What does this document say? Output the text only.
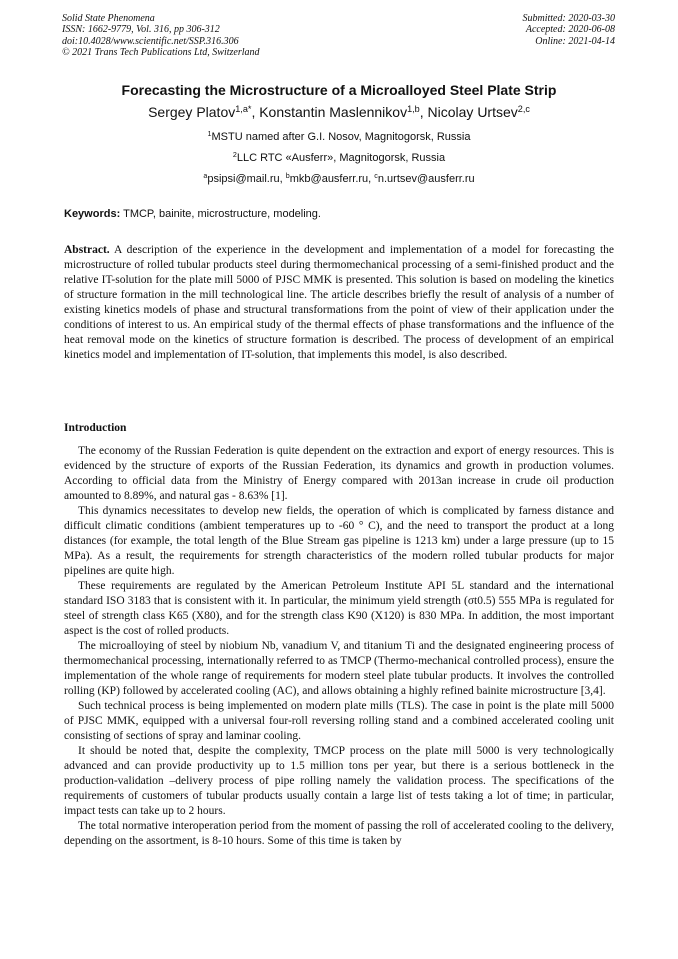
Solid State Phenomena
ISSN: 1662-9779, Vol. 316, pp 306-312
doi:10.4028/www.scientific.net/SSP.316.306
© 2021 Trans Tech Publications Ltd, Switzerland
Submitted: 2020-03-30
Accepted: 2020-06-08
Online: 2021-04-14
Forecasting the Microstructure of a Microalloyed Steel Plate Strip
Sergey Platov$^{1,a*}$, Konstantin Maslennikov$^{1,b}$, Nicolay Urtsev$^{2,c}$
$^1$MSTU named after G.I. Nosov, Magnitogorsk, Russia
$^2$LLC RTC «Ausferr», Magnitogorsk, Russia
$^a$psipsi@mail.ru, $^b$mkb@ausferr.ru, $^c$n.urtsev@ausferr.ru
Keywords: TMCP, bainite, microstructure, modeling.
Abstract. A description of the experience in the development and implementation of a model for forecasting the microstructure of rolled tubular products steel during thermomechanical processing of a semi-finished product and the relative IT-solution for the plate mill 5000 of PJSC MMK is presented. This solution is based on modeling the kinetics of structure formation in the mill technological line. The article describes briefly the result of analysis of a number of existing kinetics models of phase and structural transformations from the point of view of their application under the conditions of interest to us. An empirical study of the thermal effects of phase transformations and the influence of the heat removal mode on the kinetics of structure formation is described. The process of development of an empirical kinetics model and implementation of IT-solution, that implements this model, is also described.
Introduction

The economy of the Russian Federation is quite dependent on the extraction and export of energy resources. This is evidenced by the structure of exports of the Russian Federation, its dynamics and growth in production volumes. According to official data from the Ministry of Energy compared with 2013an increase in crude oil production amounted to 8.89%, and natural gas - 8.63% [1].

This dynamics necessitates to develop new fields, the operation of which is complicated by farness distance and difficult climatic conditions (ambient temperatures up to -60 ° C), and the need to transport the product at a long distances (for example, the total length of the Blue Stream gas pipeline is 1213 km) under a large pressure (up to 15 MPa). As a result, the requirements for strength characteristics of the modern rolled tubular products for major pipelines are quite high.

These requirements are regulated by the American Petroleum Institute API 5L standard and the international standard ISO 3183 that is consistent with it. In particular, the minimum yield strength (σt0.5) 555 MPa is regulated for steel of strength class K65 (X80), and for the strength class K90 (X120) is 830 MPa. In addition, the most important aspect is the cost of rolled products.

The microalloying of steel by niobium Nb, vanadium V, and titanium Ti and the designated engineering process of thermomechanical processing, internationally referred to as TMCP (Thermo-mechanical controlled process), ensure the implementation of the whole range of requirements for modern steel plate tubular products. It involves the controlled rolling (KP) followed by accelerated cooling (AC), and allows obtaining a highly refined bainite microstructure [3,4].

Such technical process is being implemented on modern plate mills (TLS). The case in point is the plate mill 5000 of PJSC MMK, equipped with a universal four-roll reversing rolling stand and a combined accelerated cooling unit consisting of sections of spray and laminar cooling.

It should be noted that, despite the complexity, TMCP process on the plate mill 5000 is very technologically advanced and can provide productivity up to 1.5 million tons per year, but there is a serious bottleneck in the production-validation –delivery process of pipe rolling namely the validation process. The specifications of the requirements of customers of tubular products usually contain a large list of tests taking a lot of time; in particular, impact tests can take up to 2 hours.

The total normative interoperation period from the moment of passing the roll of accelerated cooling to the delivery, depending on the assortment, is 8-10 hours. Some of this time is taken by
